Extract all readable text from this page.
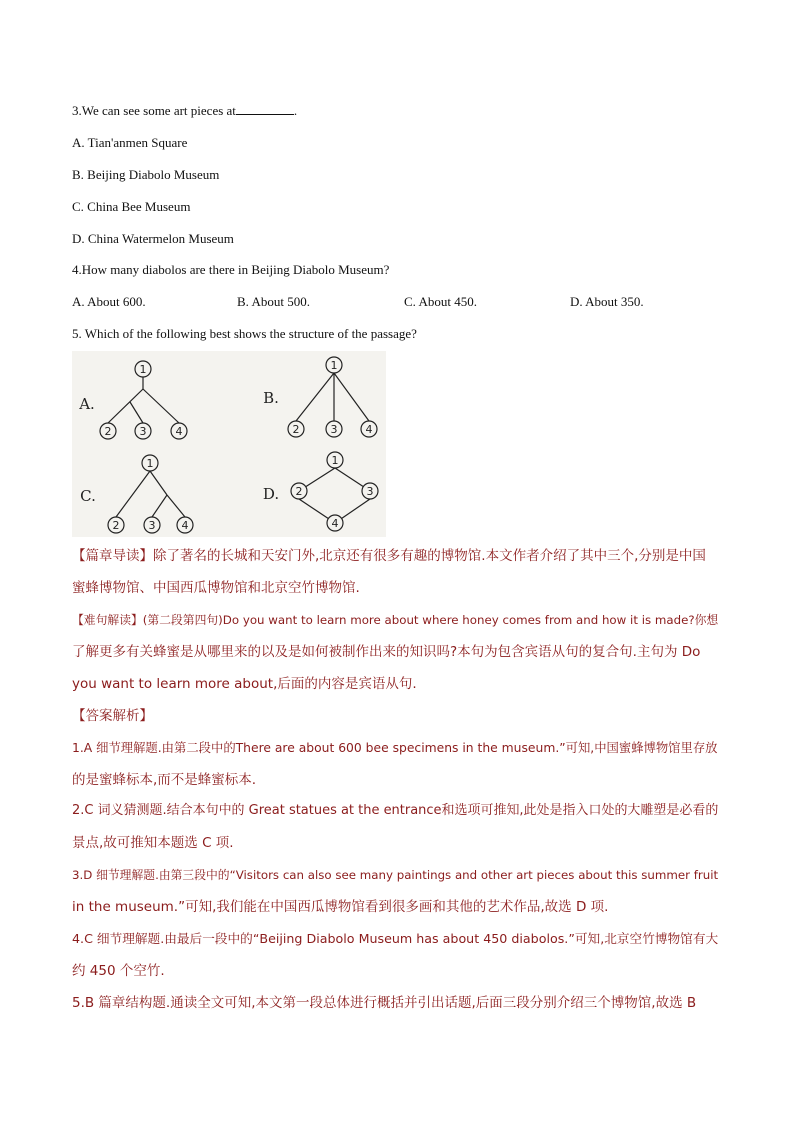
3.We can see some art pieces at	.
A. Tian'anmen Square
B. Beijing Diabolo Museum
C. China Bee Museum
D. China Watermelon Museum
4.How many diabolos are there in Beijing Diabolo Museum?
A. About 600.	B. About 500.	C. About 450.	D. About 350.
5. Which of the following best shows the structure of the passage?
A.	B.
C.	D.
1
2	3	4
1
2	3	4
1
2	3 4
1
2	3
4
【篇章导读】除了著名的长城和天安门外,北京还有很多有趣的博物馆.本文作者介绍了其中三个,分别是中国
蜜蜂博物馆、中国西瓜博物馆和北京空竹博物馆.
【难句解读】(第二段第四句)Do you want to learn more about where honey comes from and how it is made?你想
了解更多有关蜂蜜是从哪里来的以及是如何被制作出来的知识吗?本句为包含宾语从句的复合句.主句为 Do
you want to learn more about,后面的内容是宾语从句.
【答案解析】
1.A 细节理解题.由第二段中的There are about 600 bee specimens in the museum.”可知,中国蜜蜂博物馆里存放
的是蜜蜂标本,而不是蜂蜜标本.
2.C 词义猜测题.结合本句中的 Great statues at the entrance和选项可推知,此处是指入口处的大雕塑是必看的
景点,故可推知本题选 C 项.
3.D 细节理解题.由第三段中的“Visitors can also see many paintings and other art pieces about this summer fruit
in the museum.”可知,我们能在中国西瓜博物馆看到很多画和其他的艺术作品,故选 D 项.
4.C 细节理解题.由最后一段中的“Beijing Diabolo Museum has about 450 diabolos.”可知,北京空竹博物馆有大
约 450 个空竹.
5.B 篇章结构题.通读全文可知,本文第一段总体进行概括并引出话题,后面三段分别介绍三个博物馆,故选 B
